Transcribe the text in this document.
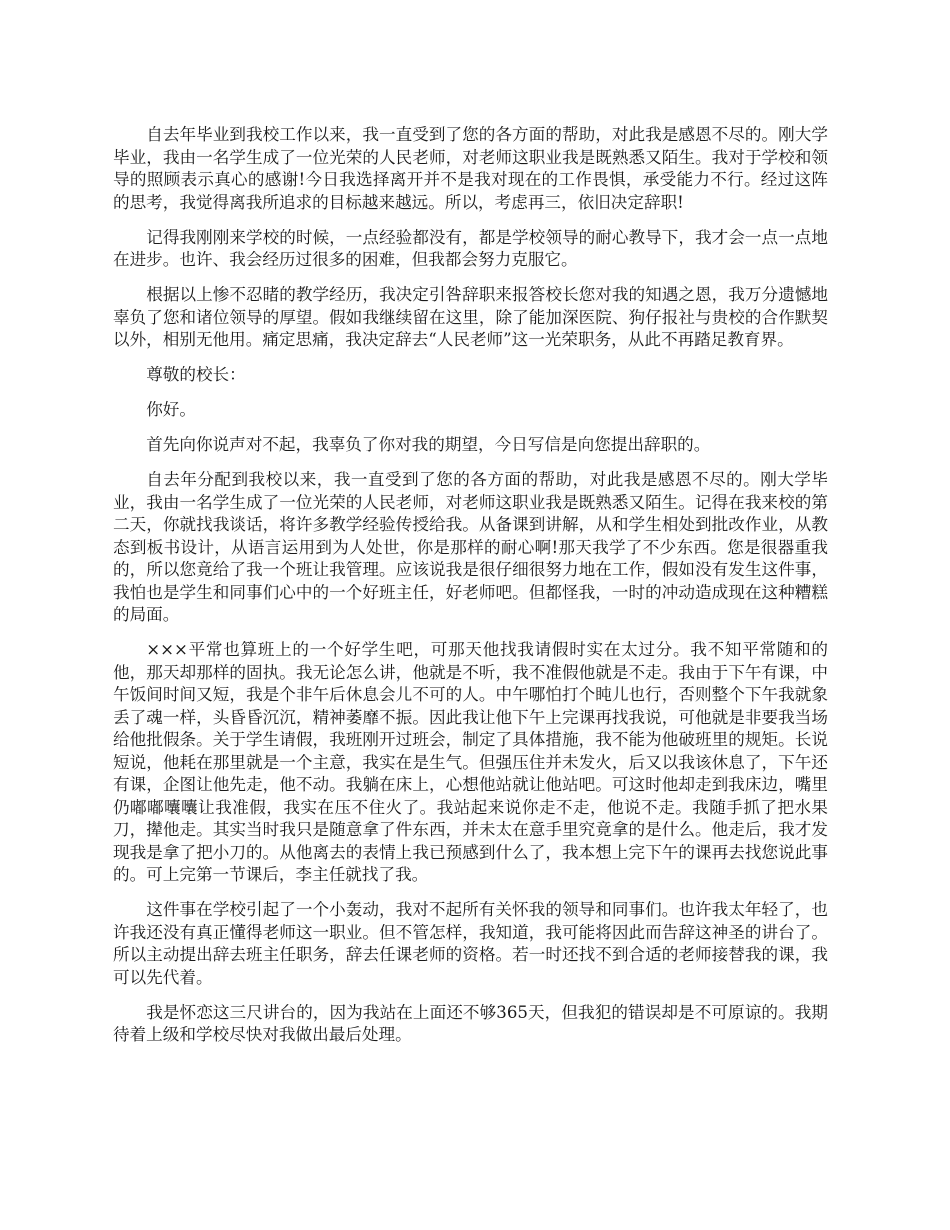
自去年毕业到我校工作以来，我一直受到了您的各方面的帮助，对此我是感恩不尽的。刚大学毕业，我由一名学生成了一位光荣的人民老师，对老师这职业我是既熟悉又陌生。我对于学校和领导的照顾表示真心的感谢!今日我选择离开并不是我对现在的工作畏惧，承受能力不行。经过这阵的思考，我觉得离我所追求的目标越来越远。所以，考虑再三，依旧决定辞职!

记得我刚刚来学校的时候，一点经验都没有，都是学校领导的耐心教导下，我才会一点一点地在进步。也许、我会经历过很多的困难，但我都会努力克服它。

根据以上惨不忍睹的教学经历，我决定引咎辞职来报答校长您对我的知遇之恩，我万分遗憾地辜负了您和诸位领导的厚望。假如我继续留在这里，除了能加深医院、狗仔报社与贵校的合作默契以外，相别无他用。痛定思痛，我决定辞去“人民老师”这一光荣职务，从此不再踏足教育界。

尊敬的校长：

你好。

首先向你说声对不起，我辜负了你对我的期望，今日写信是向您提出辞职的。

自去年分配到我校以来，我一直受到了您的各方面的帮助，对此我是感恩不尽的。刚大学毕业，我由一名学生成了一位光荣的人民老师，对老师这职业我是既熟悉又陌生。记得在我来校的第二天，你就找我谈话，将许多教学经验传授给我。从备课到讲解，从和学生相处到批改作业，从教态到板书设计，从语言运用到为人处世，你是那样的耐心啊!那天我学了不少东西。您是很器重我的，所以您竟给了我一个班让我管理。应该说我是很仔细很努力地在工作，假如没有发生这件事，我怕也是学生和同事们心中的一个好班主任，好老师吧。但都怪我，一时的冲动造成现在这种糟糕的局面。

×××平常也算班上的一个好学生吧，可那天他找我请假时实在太过分。我不知平常随和的他，那天却那样的固执。我无论怎么讲，他就是不听，我不准假他就是不走。我由于下午有课，中午饭间时间又短，我是个非午后休息会儿不可的人。中午哪怕打个盹儿也行，否则整个下午我就象丢了魂一样，头昏昏沉沉，精神萎靡不振。因此我让他下午上完课再找我说，可他就是非要我当场给他批假条。关于学生请假，我班刚开过班会，制定了具体措施，我不能为他破班里的规矩。长说短说，他耗在那里就是一个主意，我实在是生气。但强压住并未发火，后又以我该休息了，下午还有课，企图让他先走，他不动。我躺在床上，心想他站就让他站吧。可这时他却走到我床边，嘴里仍嘟嘟囔囔让我准假，我实在压不住火了。我站起来说你走不走，他说不走。我随手抓了把水果刀，撵他走。其实当时我只是随意拿了件东西，并未太在意手里究竟拿的是什么。他走后，我才发现我是拿了把小刀的。从他离去的表情上我已预感到什么了，我本想上完下午的课再去找您说此事的。可上完第一节课后，李主任就找了我。

这件事在学校引起了一个小轰动，我对不起所有关怀我的领导和同事们。也许我太年轻了，也许我还没有真正懂得老师这一职业。但不管怎样，我知道，我可能将因此而告辞这神圣的讲台了。所以主动提出辞去班主任职务，辞去任课老师的资格。若一时还找不到合适的老师接替我的课，我可以先代着。

我是怀恋这三尺讲台的，因为我站在上面还不够365天，但我犯的错误却是不可原谅的。我期待着上级和学校尽快对我做出最后处理。
